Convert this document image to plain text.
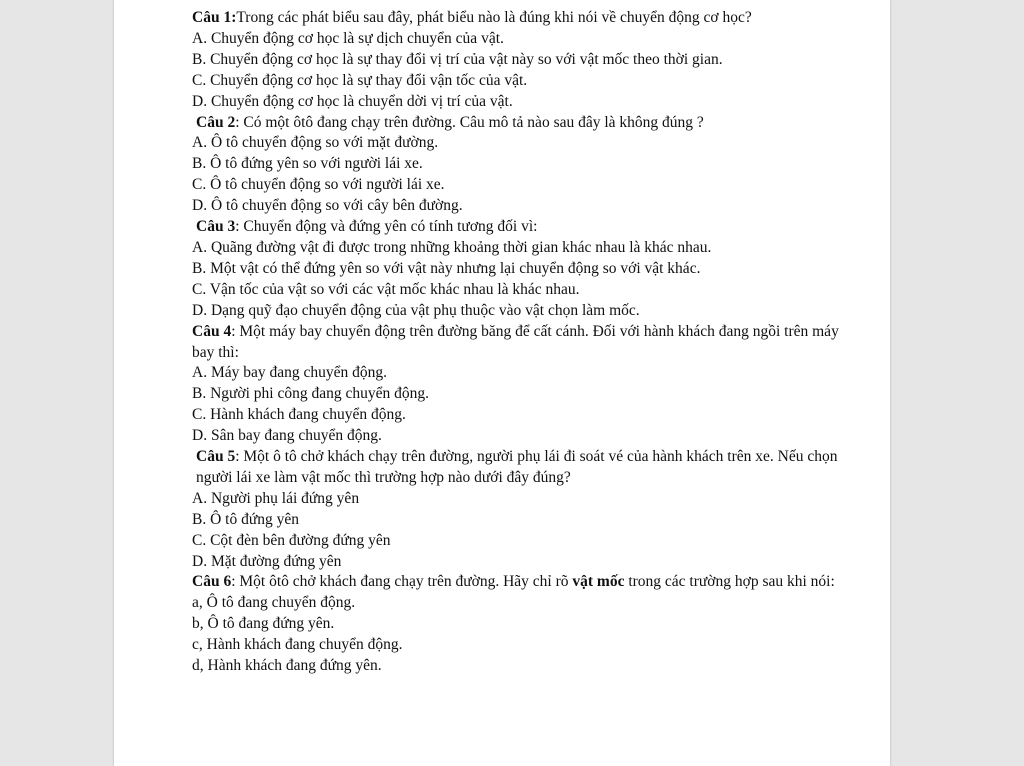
Câu 1:Trong các phát biểu sau đây, phát biểu nào là đúng khi nói về chuyển động cơ học?
A. Chuyển động cơ học là sự dịch chuyển của vật.
B. Chuyển động cơ học là sự thay đổi vị trí của vật này so với vật mốc theo thời gian.
C. Chuyển động cơ học là sự thay đổi vận tốc của vật.
D. Chuyển động cơ học là chuyển dời vị trí của vật.
Câu 2: Có một ôtô đang chạy trên đường. Câu mô tả nào sau đây là không đúng ?
A. Ô tô chuyển động so với mặt đường.
B. Ô tô đứng yên so với người lái xe.
C. Ô tô chuyển động so với người lái xe.
D. Ô tô chuyển động so với cây bên đường.
Câu 3: Chuyển động và đứng yên có tính tương đối vì:
A. Quãng đường vật đi được trong những khoảng thời gian khác nhau là khác nhau.
B. Một vật có thể đứng yên so với vật này nhưng lại chuyển động so với vật khác.
C. Vận tốc của vật so với các vật mốc khác nhau là khác nhau.
D. Dạng quỹ đạo chuyển động của vật phụ thuộc vào vật chọn làm mốc.
Câu 4: Một máy bay chuyển động trên đường băng để cất cánh. Đối với hành khách đang ngồi trên máy bay thì:
A. Máy bay đang chuyển động.
B. Người phi công đang chuyển động.
C. Hành khách đang chuyển động.
D. Sân bay đang chuyển động.
Câu 5: Một ô tô chở khách chạy trên đường, người phụ lái đi soát vé của hành khách trên xe. Nếu chọn người lái xe làm vật mốc thì trường hợp nào dưới đây đúng?
A. Người phụ lái đứng yên
B. Ô tô đứng yên
C. Cột đèn bên đường đứng yên
D. Mặt đường đứng yên
Câu 6: Một ôtô chở khách đang chạy trên đường. Hãy chỉ rõ vật mốc trong các trường hợp sau khi nói:
a, Ô tô đang chuyển động.
b, Ô tô đang đứng yên.
c, Hành khách đang chuyển động.
d, Hành khách đang đứng yên.
